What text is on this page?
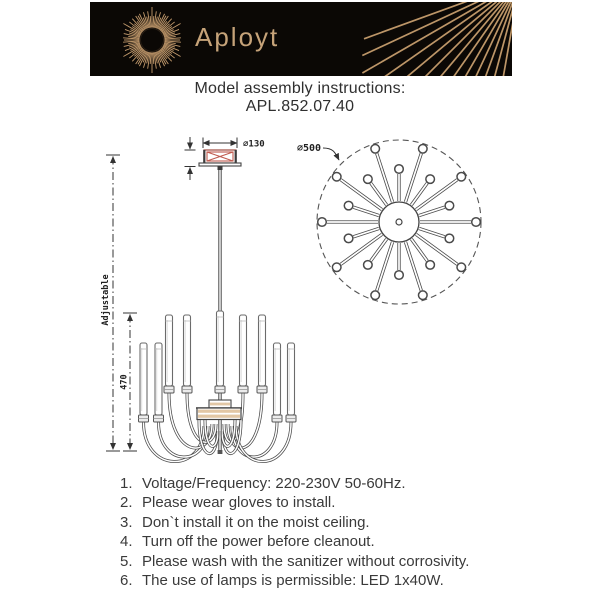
Aployt
Model assembly instructions:
APL.852.07.40
⌀130
Adjustable
470
⌀500
1. Voltage/Frequency: 220-230V 50-60Hz.
2. Please wear gloves to install.
3. Don`t install it on the moist ceiling.
4. Turn off the power before cleanout.
5. Please wash with the sanitizer without corrosivity.
6. The use of lamps is permissible: LED 1x40W.
